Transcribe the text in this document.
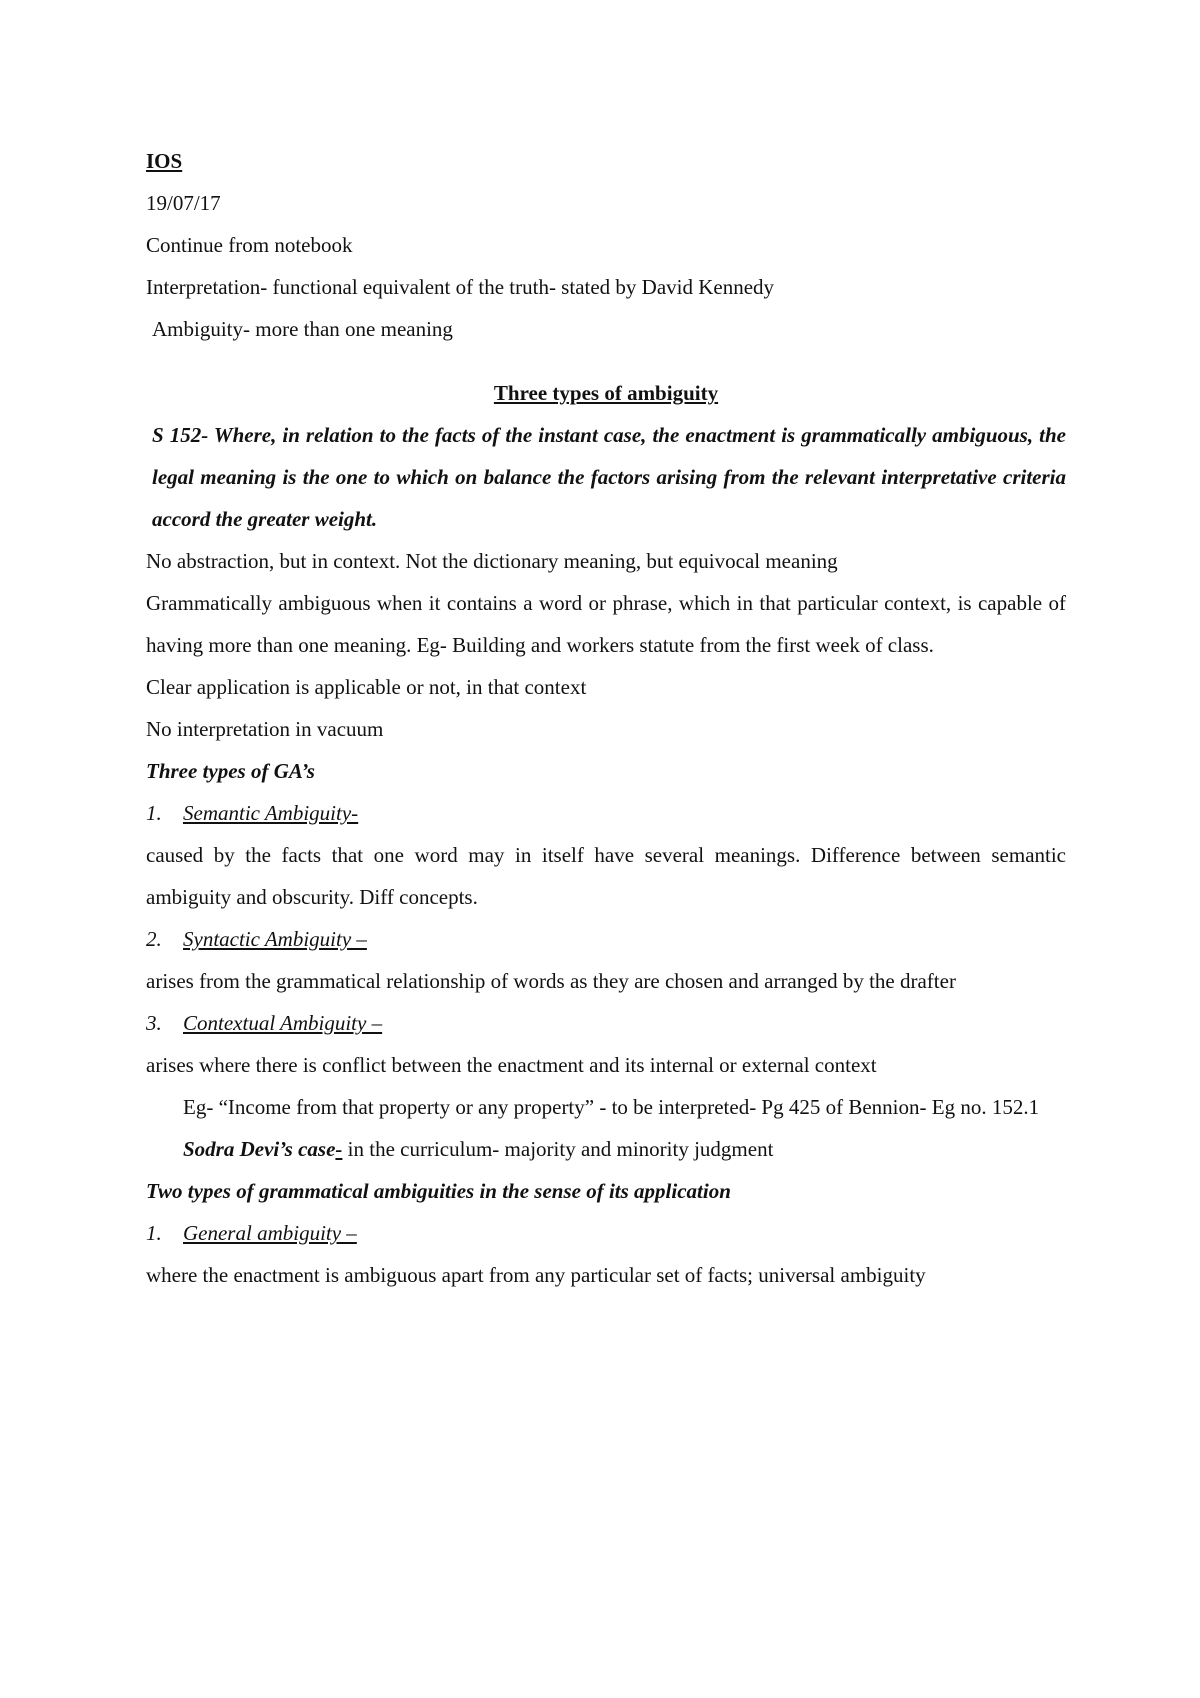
IOS

19/07/17

Continue from notebook

Interpretation- functional equivalent of the truth- stated by David Kennedy

Ambiguity- more than one meaning

Three types of ambiguity

S 152- Where, in relation to the facts of the instant case, the enactment is grammatically ambiguous, the legal meaning is the one to which on balance the factors arising from the relevant interpretative criteria accord the greater weight.

No abstraction, but in context. Not the dictionary meaning, but equivocal meaning

Grammatically ambiguous when it contains a word or phrase, which in that particular context, is capable of having more than one meaning. Eg- Building and workers statute from the first week of class.

Clear application is applicable or not, in that context

No interpretation in vacuum

Three types of GA’s

1. Semantic Ambiguity-

caused by the facts that one word may in itself have several meanings. Difference between semantic ambiguity and obscurity. Diff concepts.

2. Syntactic Ambiguity –

arises from the grammatical relationship of words as they are chosen and arranged by the drafter

3. Contextual Ambiguity –

arises where there is conflict between the enactment and its internal or external context

Eg- “Income from that property or any property” - to be interpreted- Pg 425 of Bennion- Eg no. 152.1

Sodra Devi’s case- in the curriculum- majority and minority judgment

Two types of grammatical ambiguities in the sense of its application

1. General ambiguity –

where the enactment is ambiguous apart from any particular set of facts; universal ambiguity
